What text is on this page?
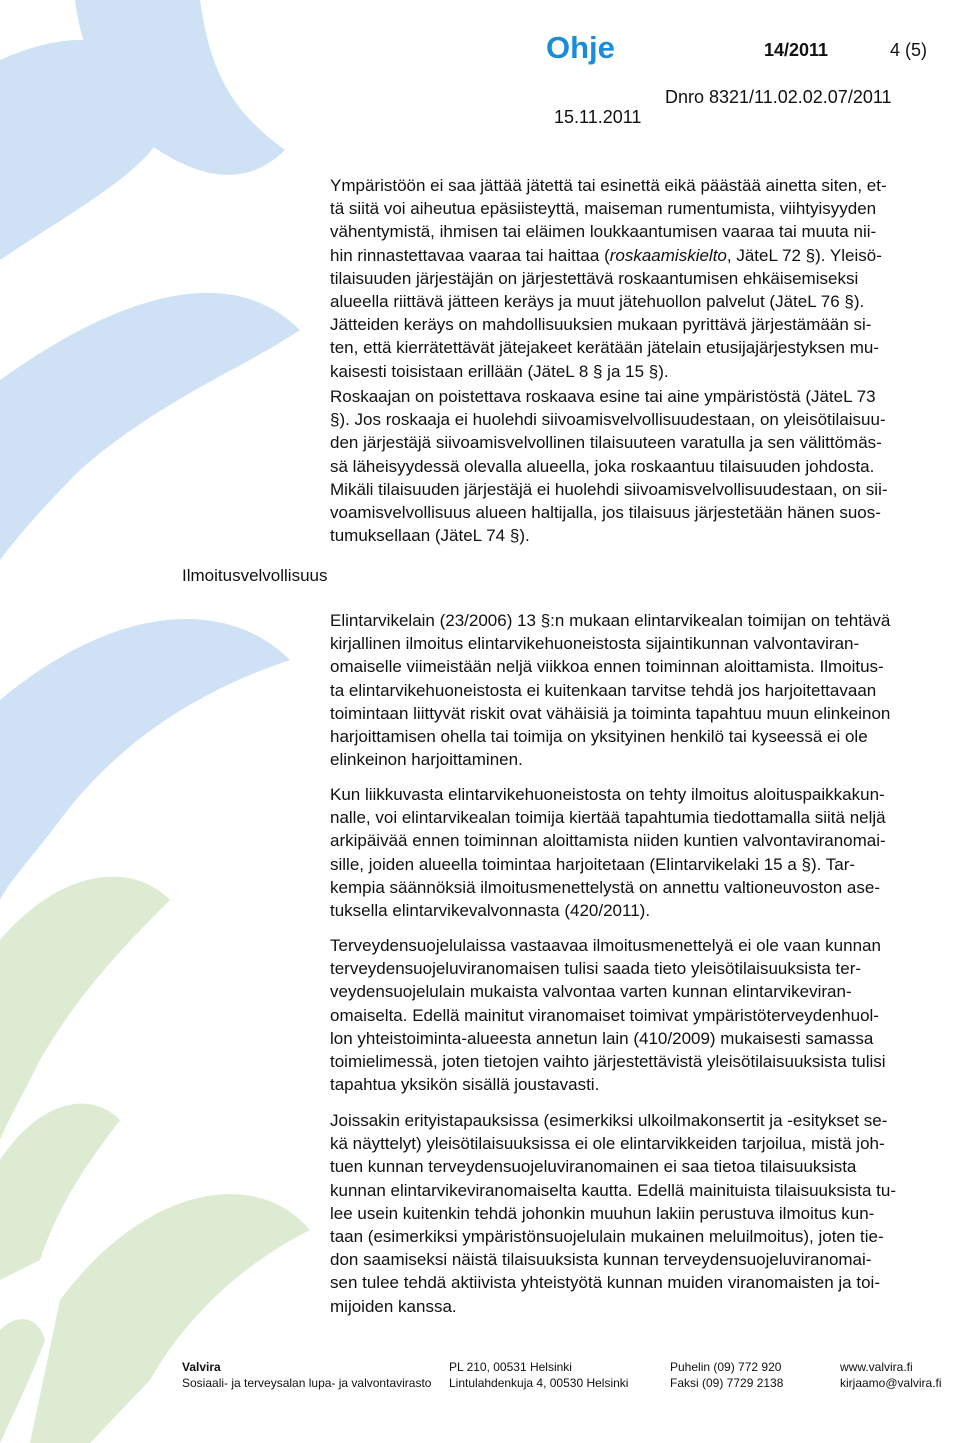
Ohje	14/2011	4 (5)
Dnro 8321/11.02.02.07/2011
15.11.2011

Ympäristöön ei saa jättää jätettä tai esinettä eikä päästää ainetta siten, et-
tä siitä voi aiheutua epäsiisteyttä, maiseman rumentumista, viihtyisyyden
vähentymistä, ihmisen tai eläimen loukkaantumisen vaaraa tai muuta nii-
hin rinnastettavaa vaaraa tai haittaa (roskaamiskielto, JäteL 72 §). Yleisö-
tilaisuuden järjestäjän on järjestettävä roskaantumisen ehkäisemiseksi
alueella riittävä jätteen keräys ja muut jätehuollon palvelut (JäteL 76 §).
Jätteiden keräys on mahdollisuuksien mukaan pyrittävä järjestämään si-
ten, että kierrätettävät jätejakeet kerätään jätelain etusijajärjestyksen mu-
kaisesti toisistaan erillään (JäteL 8 § ja 15 §).

Roskaajan on poistettava roskaava esine tai aine ympäristöstä (JäteL 73
§). Jos roskaaja ei huolehdi siivoamisvelvollisuudestaan, on yleisötilaisuu-
den järjestäjä siivoamisvelvollinen tilaisuuteen varatulla ja sen välittömäs-
sä läheisyydessä olevalla alueella, joka roskaantuu tilaisuuden johdosta.
Mikäli tilaisuuden järjestäjä ei huolehdi siivoamisvelvollisuudestaan, on sii-
voamisvelvollisuus alueen haltijalla, jos tilaisuus järjestetään hänen suos-
tumuksellaan (JäteL 74 §).

Ilmoitusvelvollisuus

Elintarvikelain (23/2006) 13 §:n mukaan elintarvikealan toimijan on tehtävä
kirjallinen ilmoitus elintarvikehuoneistosta sijaintikunnan valvontaviran-
omaiselle viimeistään neljä viikkoa ennen toiminnan aloittamista. Ilmoitus-
ta elintarvikehuoneistosta ei kuitenkaan tarvitse tehdä jos harjoitettavaan
toimintaan liittyvät riskit ovat vähäisiä ja toiminta tapahtuu muun elinkeinon
harjoittamisen ohella tai toimija on yksityinen henkilö tai kyseessä ei ole
elinkeinon harjoittaminen.

Kun liikkuvasta elintarvikehuoneistosta on tehty ilmoitus aloituspaikkakun-
nalle, voi elintarvikealan toimija kiertää tapahtumia tiedottamalla siitä neljä
arkipäivää ennen toiminnan aloittamista niiden kuntien valvontaviranomai-
sille, joiden alueella toimintaa harjoitetaan (Elintarvikelaki 15 a §). Tar-
kempia säännöksiä ilmoitusmenettelystä on annettu valtioneuvoston ase-
tuksella elintarvikevalvonnasta (420/2011).

Terveydensuojelulaissa vastaavaa ilmoitusmenettelyä ei ole vaan kunnan
terveydensuojeluviranomaisen tulisi saada tieto yleisötilaisuuksista ter-
veydensuojelulain mukaista valvontaa varten kunnan elintarvikeviran-
omaiselta. Edellä mainitut viranomaiset toimivat ympäristöterveydenhuol-
lon yhteistoiminta-alueesta annetun lain (410/2009) mukaisesti samassa
toimielimessä, joten tietojen vaihto järjestettävistä yleisötilaisuuksista tulisi
tapahtua yksikön sisällä joustavasti.

Joissakin erityistapauksissa (esimerkiksi ulkoilmakonsertit ja -esitykset se-
kä näyttelyt) yleisötilaisuuksissa ei ole elintarvikkeiden tarjoilua, mistä joh-
tuen kunnan terveydensuojeluviranomainen ei saa tietoa tilaisuuksista
kunnan elintarvikeviranomaiselta kautta. Edellä mainituista tilaisuuksista tu-
lee usein kuitenkin tehdä johonkin muuhun lakiin perustuva ilmoitus kun-
taan (esimerkiksi ympäristönsuojelulain mukainen meluilmoitus), joten tie-
don saamiseksi näistä tilaisuuksista kunnan terveydensuojeluviranomai-
sen tulee tehdä aktiivista yhteistyötä kunnan muiden viranomaisten ja toi-
mijoiden kanssa.

Valvira
Sosiaali- ja terveysalan lupa- ja valvontavirasto
PL 210, 00531 Helsinki
Lintulahdenkuja 4, 00530 Helsinki
Puhelin (09) 772 920
Faksi (09) 7729 2138
www.valvira.fi
kirjaamo@valvira.fi
